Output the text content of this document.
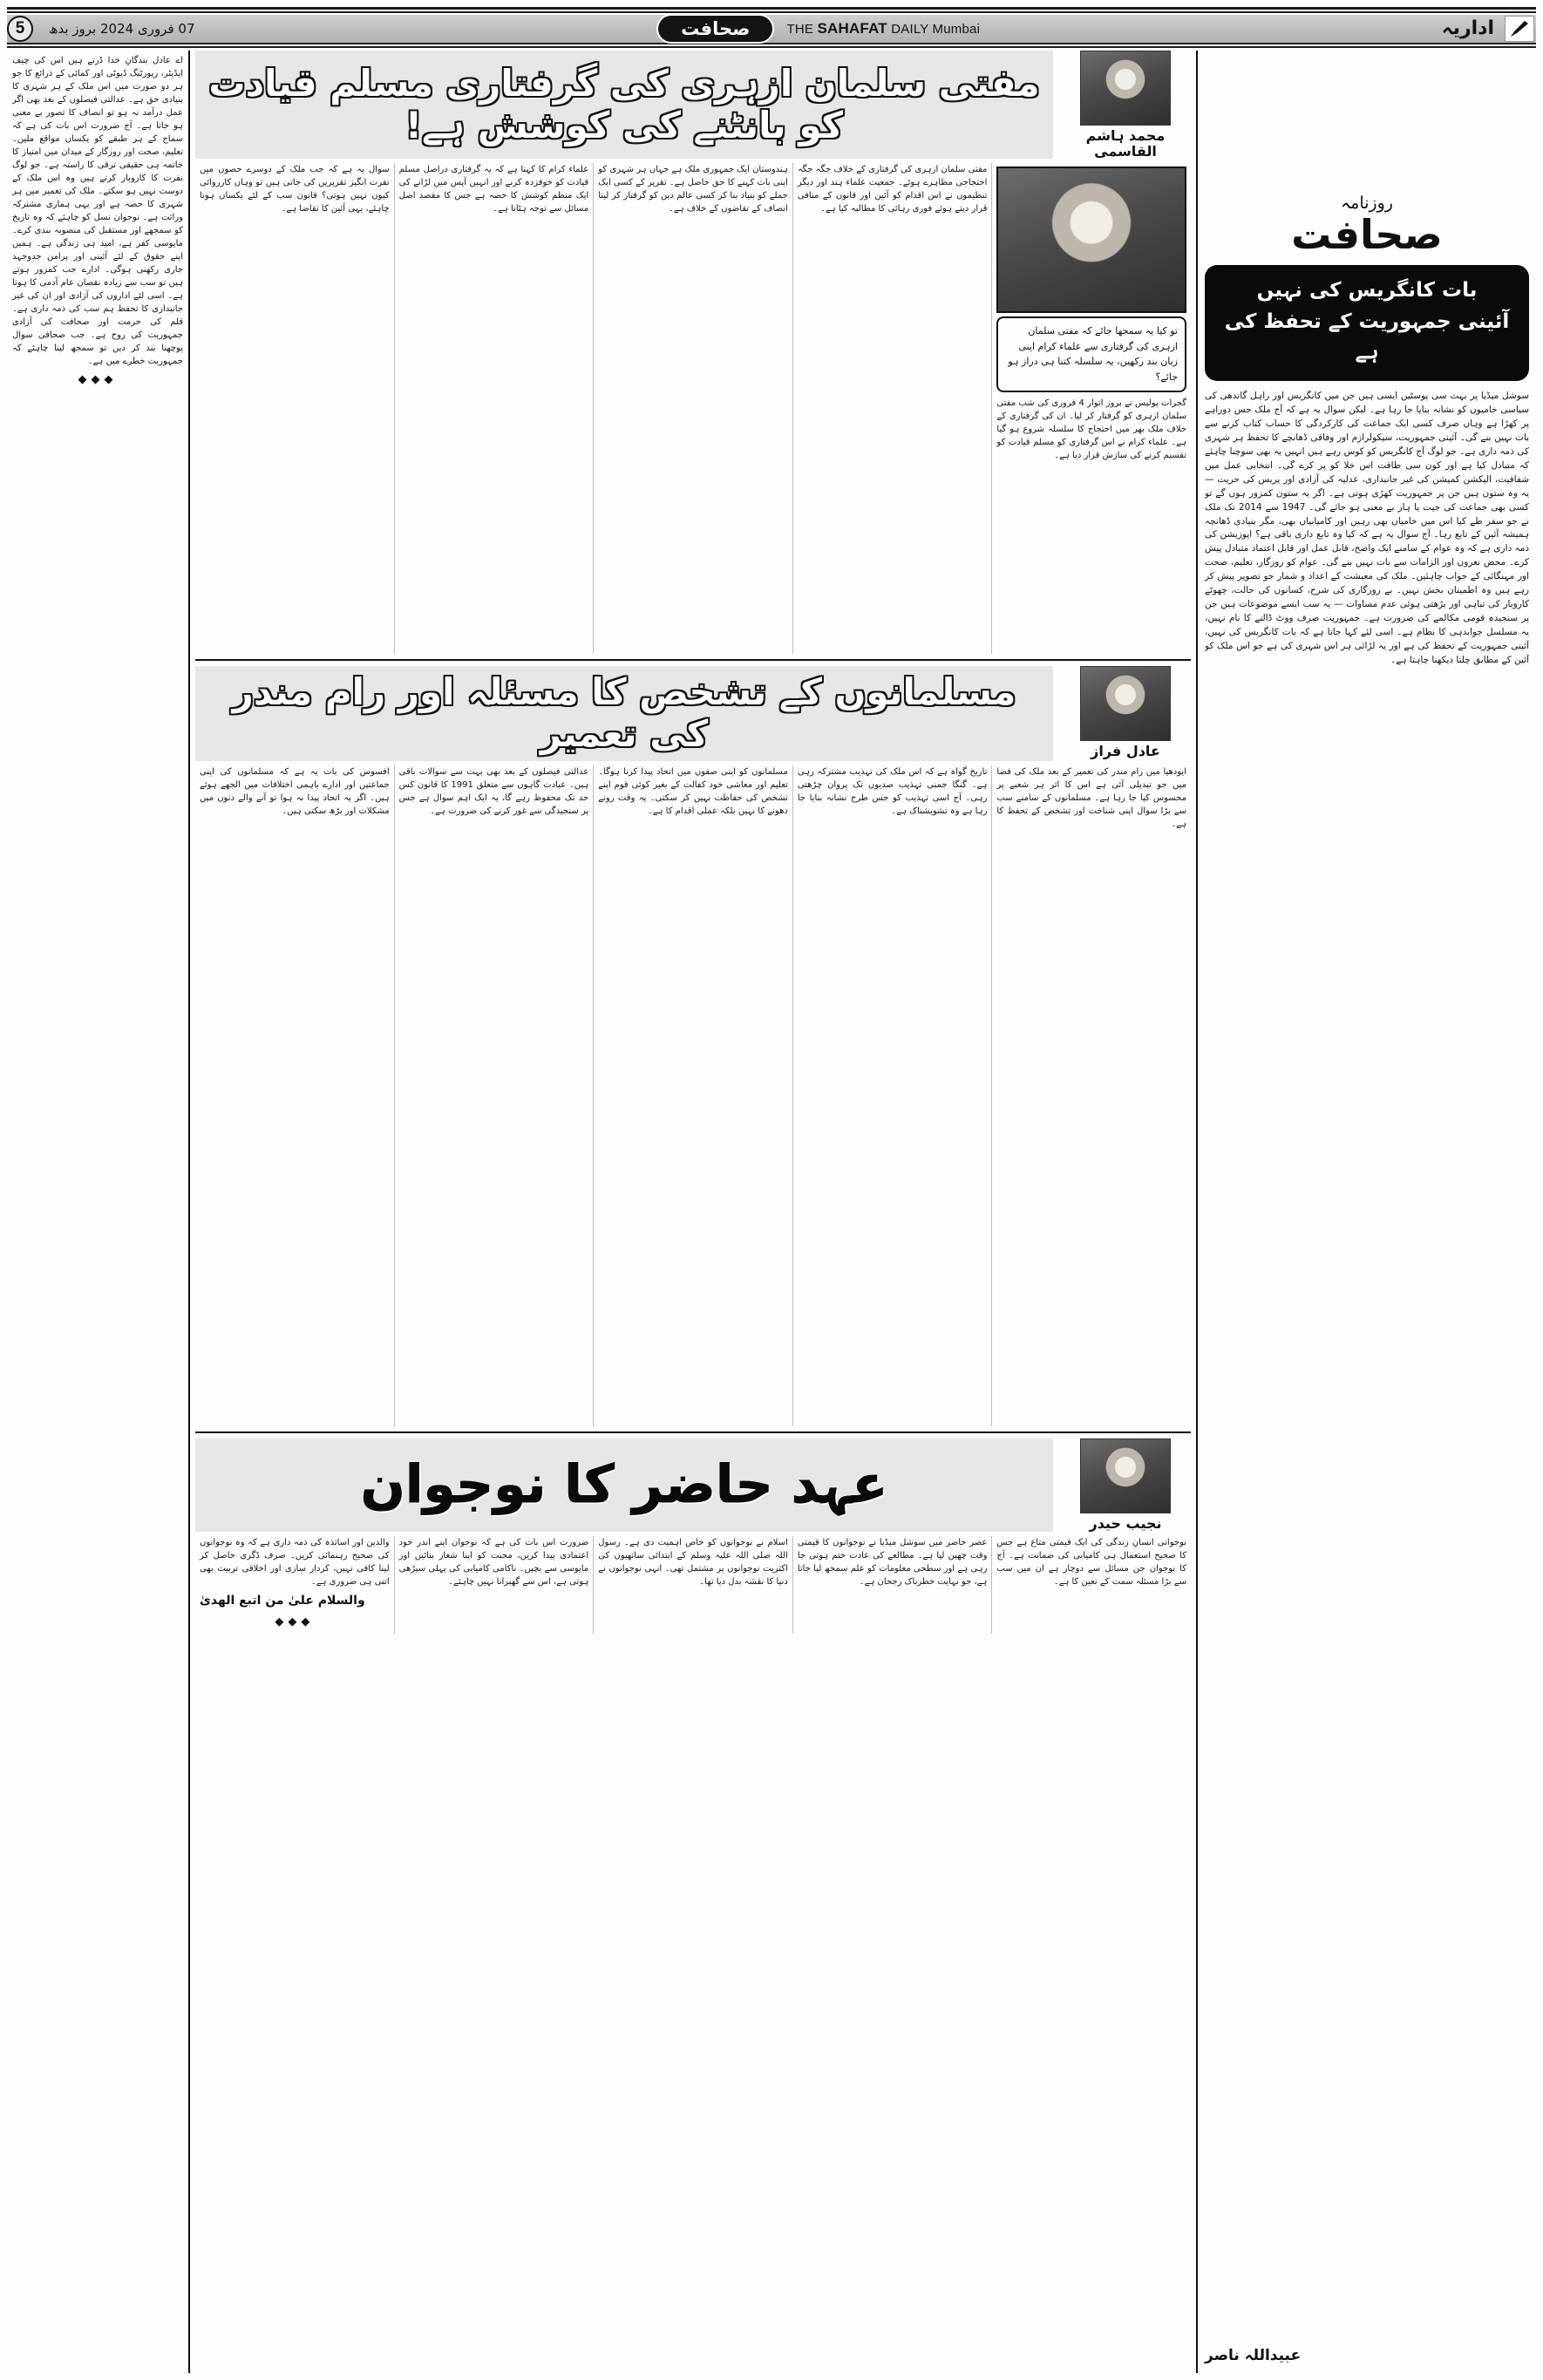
اداریہ
THE SAHAFAT DAILY Mumbai
صحافت
07 فروری 2024 بروز بدھ
5
روزنامہ
صحافت
بات کانگریس کی نہیں
آئینی جمہوریت کے تحفظ کی ہے
سوشل میڈیا پر بہت سی پوسٹیں ایسی ہیں جن میں کانگریس اور راہل گاندھی کی سیاسی خامیوں کو نشانہ بنایا جا رہا ہے۔ لیکن سوال یہ ہے کہ آج ملک جس دوراہے پر کھڑا ہے وہاں صرف کسی ایک جماعت کی کارکردگی کا حساب کتاب کرنے سے بات نہیں بنے گی۔ آئینی جمہوریت، سیکولرازم اور وفاقی ڈھانچے کا تحفظ ہر شہری کی ذمہ داری ہے۔ جو لوگ آج کانگریس کو کوس رہے ہیں انہیں یہ بھی سوچنا چاہئے کہ متبادل کیا ہے اور کون سی طاقت اس خلا کو پر کرے گی۔ انتخابی عمل میں شفافیت، الیکشن کمیشن کی غیر جانبداری، عدلیہ کی آزادی اور پریس کی حریت — یہ وہ ستون ہیں جن پر جمہوریت کھڑی ہوتی ہے۔ اگر یہ ستون کمزور ہوں گے تو کسی بھی جماعت کی جیت یا ہار بے معنی ہو جائے گی۔ 1947 سے 2014 تک ملک نے جو سفر طے کیا اس میں خامیاں بھی رہیں اور کامیابیاں بھی، مگر بنیادی ڈھانچہ ہمیشہ آئین کے تابع رہا۔ آج سوال یہ ہے کہ کیا وہ تابع داری باقی ہے؟ اپوزیشن کی ذمہ داری ہے کہ وہ عوام کے سامنے ایک واضح، قابل عمل اور قابل اعتماد متبادل پیش کرے۔ محض نعروں اور الزامات سے بات نہیں بنے گی۔ عوام کو روزگار، تعلیم، صحت اور مہنگائی کے جواب چاہئیں۔ ملک کی معیشت کے اعداد و شمار جو تصویر پیش کر رہے ہیں وہ اطمینان بخش نہیں۔ بے روزگاری کی شرح، کسانوں کی حالت، چھوٹے کاروبار کی تباہی اور بڑھتی ہوئی عدم مساوات — یہ سب ایسے موضوعات ہیں جن پر سنجیدہ قومی مکالمے کی ضرورت ہے۔ جمہوریت صرف ووٹ ڈالنے کا نام نہیں، یہ مسلسل جوابدہی کا نظام ہے۔ اسی لئے کہا جاتا ہے کہ بات کانگریس کی نہیں، آئینی جمہوریت کے تحفظ کی ہے اور یہ لڑائی ہر اس شہری کی ہے جو اس ملک کو آئین کے مطابق چلتا دیکھنا چاہتا ہے۔
عبیداللہ ناصر
محمد ہاشم القاسمی
مفتی سلمان ازہری کی گرفتاری مسلم قیادت کو بانٹنے کی کوشش ہے!
تو کیا یہ سمجھا جائے کہ مفتی سلمان ازہری کی گرفتاری سے علماء کرام اپنی زبان بند رکھیں، یہ سلسلہ کتنا ہی دراز ہو جائے؟
گجرات پولیس نے بروز اتوار 4 فروری کی شب مفتی سلمان ازہری کو گرفتار کر لیا۔ ان کی گرفتاری کے خلاف ملک بھر میں احتجاج کا سلسلہ شروع ہو گیا ہے۔ علماء کرام نے اس گرفتاری کو مسلم قیادت کو تقسیم کرنے کی سازش قرار دیا ہے۔
مفتی سلمان ازہری کی گرفتاری کے خلاف جگہ جگہ احتجاجی مظاہرے ہوئے۔ جمعیت علماء ہند اور دیگر تنظیموں نے اس اقدام کو آئین اور قانون کے منافی قرار دیتے ہوئے فوری رہائی کا مطالبہ کیا ہے۔
ہندوستان ایک جمہوری ملک ہے جہاں ہر شہری کو اپنی بات کہنے کا حق حاصل ہے۔ تقریر کے کسی ایک جملے کو بنیاد بنا کر کسی عالم دین کو گرفتار کر لینا انصاف کے تقاضوں کے خلاف ہے۔
علماء کرام کا کہنا ہے کہ یہ گرفتاری دراصل مسلم قیادت کو خوفزدہ کرنے اور انہیں آپس میں لڑانے کی ایک منظم کوشش کا حصہ ہے جس کا مقصد اصل مسائل سے توجہ ہٹانا ہے۔
سوال یہ ہے کہ جب ملک کے دوسرے حصوں میں نفرت انگیز تقریریں کی جاتی ہیں تو وہاں کارروائی کیوں نہیں ہوتی؟ قانون سب کے لئے یکساں ہونا چاہئے، یہی آئین کا تقاضا ہے۔
عادل فراز
مسلمانوں کے تشخص کا مسئلہ اور رام مندر کی تعمیر
ایودھیا میں رام مندر کی تعمیر کے بعد ملک کی فضا میں جو تبدیلی آئی ہے اس کا اثر ہر شعبے پر محسوس کیا جا رہا ہے۔ مسلمانوں کے سامنے سب سے بڑا سوال اپنی شناخت اور تشخص کے تحفظ کا ہے۔
تاریخ گواہ ہے کہ اس ملک کی تہذیب مشترکہ رہی ہے۔ گنگا جمنی تہذیب صدیوں تک پروان چڑھتی رہی۔ آج اسی تہذیب کو جس طرح نشانہ بنایا جا رہا ہے وہ تشویشناک ہے۔
مسلمانوں کو اپنی صفوں میں اتحاد پیدا کرنا ہوگا۔ تعلیم اور معاشی خود کفالت کے بغیر کوئی قوم اپنے تشخص کی حفاظت نہیں کر سکتی۔ یہ وقت رونے دھونے کا نہیں بلکہ عملی اقدام کا ہے۔
عدالتی فیصلوں کے بعد بھی بہت سے سوالات باقی ہیں۔ عبادت گاہوں سے متعلق 1991 کا قانون کس حد تک محفوظ رہے گا، یہ ایک اہم سوال ہے جس پر سنجیدگی سے غور کرنے کی ضرورت ہے۔
افسوس کی بات یہ ہے کہ مسلمانوں کی اپنی جماعتیں اور ادارے باہمی اختلافات میں الجھے ہوئے ہیں۔ اگر یہ اتحاد پیدا نہ ہوا تو آنے والے دنوں میں مشکلات اور بڑھ سکتی ہیں۔
نجیب حیدر
عہد حاضر کا نوجوان
نوجوانی انسانِ زندگی کی ایک قیمتی متاع ہے جس کا صحیح استعمال ہی کامیابی کی ضمانت ہے۔ آج کا نوجوان جن مسائل سے دوچار ہے ان میں سب سے بڑا مسئلہ سمت کے تعین کا ہے۔
عصر حاضر میں سوشل میڈیا نے نوجوانوں کا قیمتی وقت چھین لیا ہے۔ مطالعے کی عادت ختم ہوتی جا رہی ہے اور سطحی معلومات کو علم سمجھ لیا جاتا ہے، جو نہایت خطرناک رجحان ہے۔
اسلام نے نوجوانوں کو خاص اہمیت دی ہے۔ رسول اللہ صلی اللہ علیہ وسلم کے ابتدائی ساتھیوں کی اکثریت نوجوانوں پر مشتمل تھی۔ انہی نوجوانوں نے دنیا کا نقشہ بدل دیا تھا۔
ضرورت اس بات کی ہے کہ نوجوان اپنے اندر خود اعتمادی پیدا کریں، محنت کو اپنا شعار بنائیں اور مایوسی سے بچیں۔ ناکامی کامیابی کی پہلی سیڑھی ہوتی ہے، اس سے گھبرانا نہیں چاہئے۔
والدین اور اساتذہ کی ذمہ داری ہے کہ وہ نوجوانوں کی صحیح رہنمائی کریں۔ صرف ڈگری حاصل کر لینا کافی نہیں، کردار سازی اور اخلاقی تربیت بھی اتنی ہی ضروری ہے۔
والسلام علیٰ من اتبع الھدیٰ
◆◆◆
اے عادل بندگانِ خدا ڈرتے ہیں اس کی چیف ایڈیٹر، رپورٹنگ ڈیوٹی اور کمائی کے ذرائع کا جو ہر دو صورت میں اس ملک کے ہر شہری کا بنیادی حق ہے۔ عدالتی فیصلوں کے بعد بھی اگر عمل درآمد نہ ہو تو انصاف کا تصور بے معنی ہو جاتا ہے۔ آج ضرورت اس بات کی ہے کہ سماج کے ہر طبقے کو یکساں مواقع ملیں۔ تعلیم، صحت اور روزگار کے میدان میں امتیاز کا خاتمہ ہی حقیقی ترقی کا راستہ ہے۔ جو لوگ نفرت کا کاروبار کرتے ہیں وہ اس ملک کے دوست نہیں ہو سکتے۔ ملک کی تعمیر میں ہر شہری کا حصہ ہے اور یہی ہماری مشترکہ وراثت ہے۔ نوجوان نسل کو چاہئے کہ وہ تاریخ کو سمجھے اور مستقبل کی منصوبہ بندی کرے۔ مایوسی کفر ہے، امید ہی زندگی ہے۔ ہمیں اپنے حقوق کے لئے آئینی اور پرامن جدوجہد جاری رکھنی ہوگی۔ ادارے جب کمزور ہوتے ہیں تو سب سے زیادہ نقصان عام آدمی کا ہوتا ہے۔ اسی لئے اداروں کی آزادی اور ان کی غیر جانبداری کا تحفظ ہم سب کی ذمہ داری ہے۔ قلم کی حرمت اور صحافت کی آزادی جمہوریت کی روح ہے۔ جب صحافی سوال پوچھنا بند کر دیں تو سمجھ لینا چاہئے کہ جمہوریت خطرے میں ہے۔
◆◆◆
